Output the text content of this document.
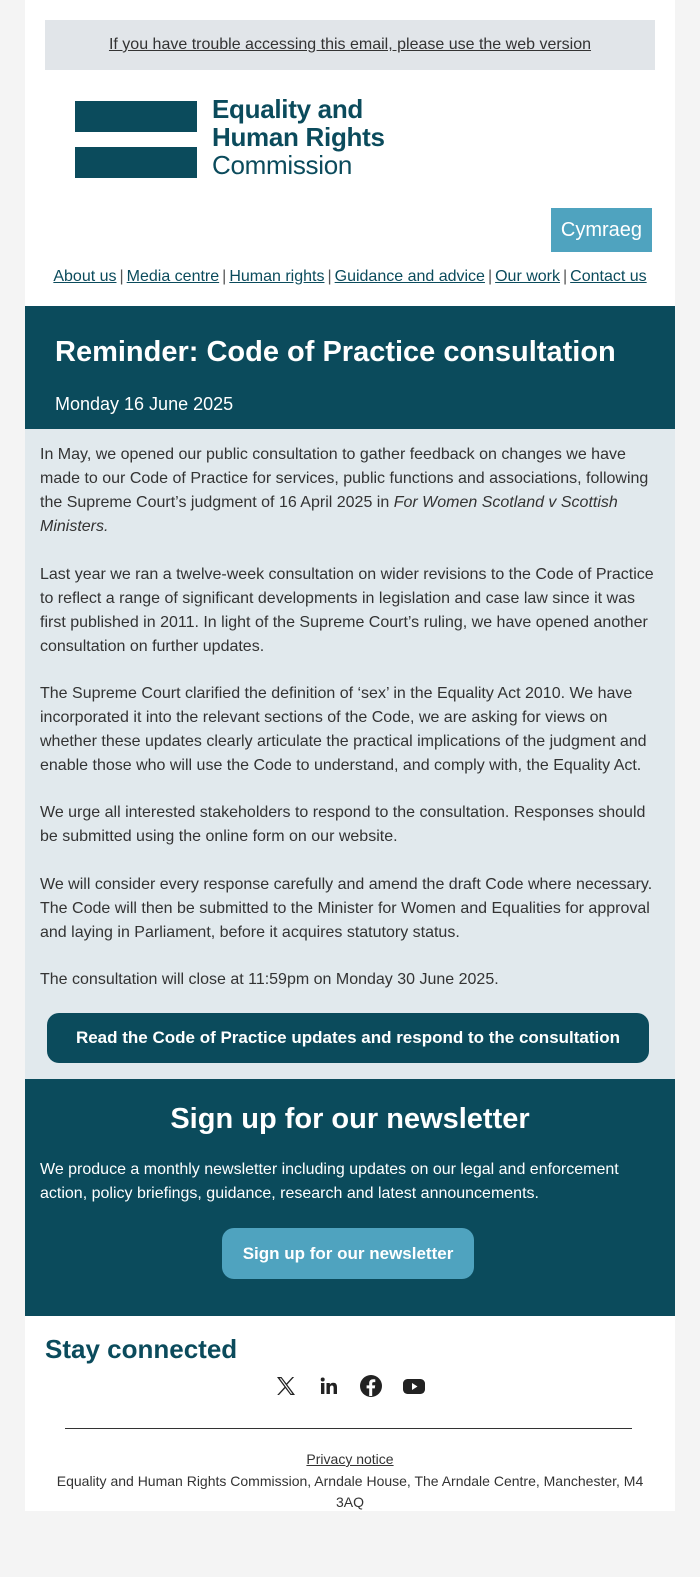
If you have trouble accessing this email, please use the web version
Equality and
Human Rights
Commission
Cymraeg
About us | Media centre | Human rights | Guidance and advice | Our work | Contact us
Reminder: Code of Practice consultation
Monday 16 June 2025

In May, we opened our public consultation to gather feedback on changes we have made to our Code of Practice for services, public functions and associations, following the Supreme Court’s judgment of 16 April 2025 in For Women Scotland v Scottish Ministers.

Last year we ran a twelve-week consultation on wider revisions to the Code of Practice to reflect a range of significant developments in legislation and case law since it was first published in 2011. In light of the Supreme Court’s ruling, we have opened another consultation on further updates.

The Supreme Court clarified the definition of ‘sex’ in the Equality Act 2010. We have incorporated it into the relevant sections of the Code, we are asking for views on whether these updates clearly articulate the practical implications of the judgment and enable those who will use the Code to understand, and comply with, the Equality Act.

We urge all interested stakeholders to respond to the consultation. Responses should be submitted using the online form on our website.

We will consider every response carefully and amend the draft Code where necessary. The Code will then be submitted to the Minister for Women and Equalities for approval and laying in Parliament, before it acquires statutory status.

The consultation will close at 11:59pm on Monday 30 June 2025.

Read the Code of Practice updates and respond to the consultation
Sign up for our newsletter

We produce a monthly newsletter including updates on our legal and enforcement action, policy briefings, guidance, research and latest announcements.

Sign up for our newsletter
Stay connected
Privacy notice

Equality and Human Rights Commission, Arndale House, The Arndale Centre, Manchester, M4 3AQ
